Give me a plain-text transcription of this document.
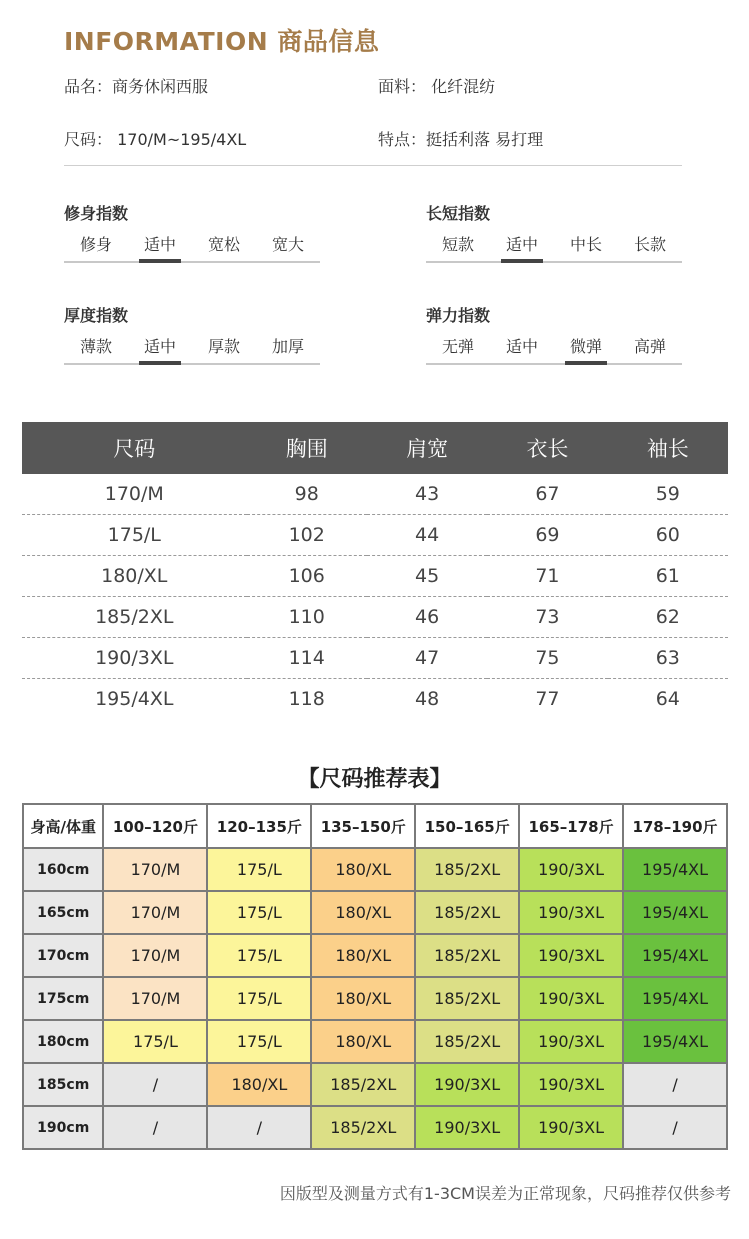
INFORMATION 商品信息
品名：商务休闲西服	面料： 化纤混纺
尺码： 170/M~195/4XL	特点：挺括利落 易打理
修身指数
修身	适中	宽松	宽大
长短指数
短款	适中	中长	长款
厚度指数
薄款	适中	厚款	加厚
弹力指数
无弹	适中	微弹	高弹
尺码	胸围	肩宽	衣长	袖长
170/M	98	43	67	59
175/L	102	44	69	60
180/XL	106	45	71	61
185/2XL	110	46	73	62
190/3XL	114	47	75	63
195/4XL	118	48	77	64
【尺码推荐表】
身高/体重	100–120斤	120–135斤	135–150斤	150–165斤	165–178斤	178–190斤
160cm	170/M	175/L	180/XL	185/2XL	190/3XL	195/4XL
165cm	170/M	175/L	180/XL	185/2XL	190/3XL	195/4XL
170cm	170/M	175/L	180/XL	185/2XL	190/3XL	195/4XL
175cm	170/M	175/L	180/XL	185/2XL	190/3XL	195/4XL
180cm	175/L	175/L	180/XL	185/2XL	190/3XL	195/4XL
185cm	/	180/XL	185/2XL	190/3XL	190/3XL	/
190cm	/	/	185/2XL	190/3XL	190/3XL	/
因版型及测量方式有1-3CM误差为正常现象，尺码推荐仅供参考
